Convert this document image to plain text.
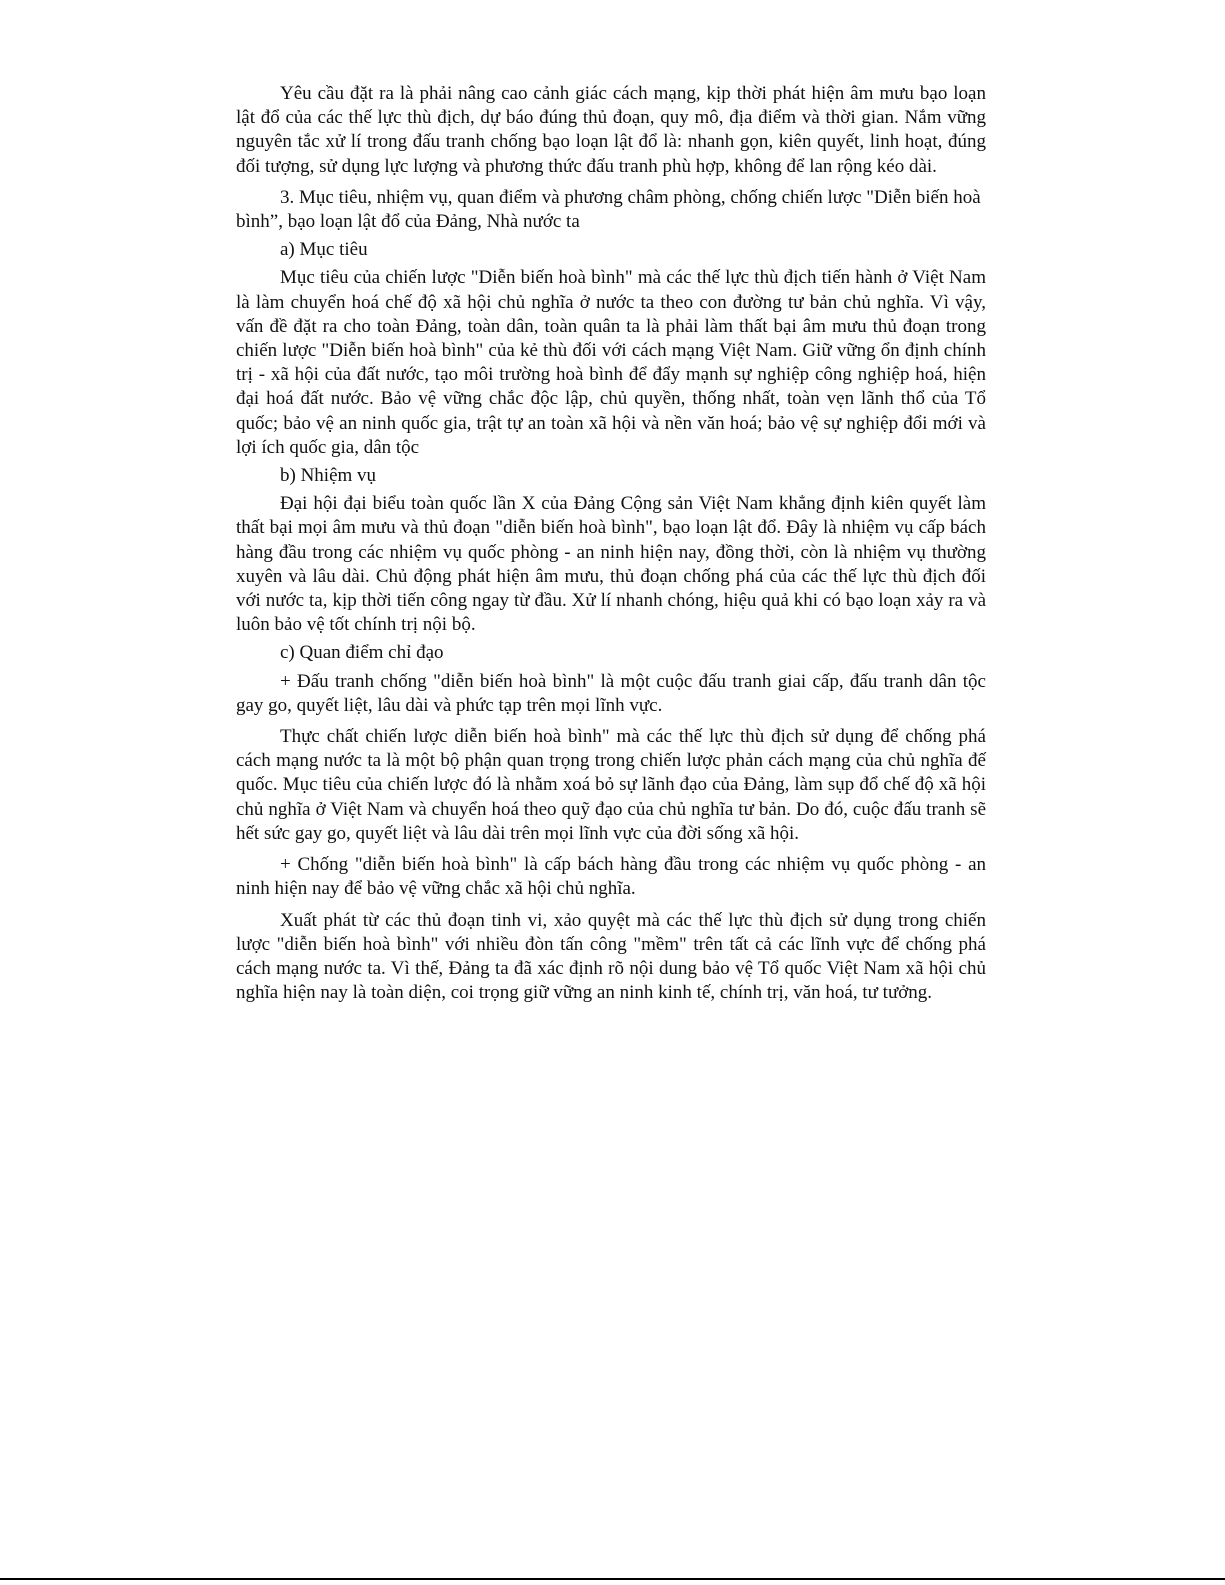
Yêu cầu đặt ra là phải nâng cao cảnh giác cách mạng, kịp thời phát hiện âm mưu bạo loạn lật đổ của các thế lực thù địch, dự báo đúng thủ đoạn, quy mô, địa điểm và thời gian. Nắm vững nguyên tắc xử lí trong đấu tranh chống bạo loạn lật đổ là: nhanh gọn, kiên quyết, linh hoạt, đúng đối tượng, sử dụng lực lượng và phương thức đấu tranh phù hợp, không để lan rộng kéo dài.

3. Mục tiêu, nhiệm vụ, quan điểm và phương châm phòng, chống chiến lược "Diễn biến hoà bình”, bạo loạn lật đổ của Đảng, Nhà nước ta

a) Mục tiêu

Mục tiêu của chiến lược "Diễn biến hoà bình" mà các thế lực thù địch tiến hành ở Việt Nam là làm chuyển hoá chế độ xã hội chủ nghĩa ở nước ta theo con đường tư bản chủ nghĩa. Vì vậy, vấn đề đặt ra cho toàn Đảng, toàn dân, toàn quân ta là phải làm thất bại âm mưu thủ đoạn trong chiến lược "Diễn biến hoà bình" của kẻ thù đối với cách mạng Việt Nam. Giữ vững ổn định chính trị - xã hội của đất nước, tạo môi trường hoà bình để đẩy mạnh sự nghiệp công nghiệp hoá, hiện đại hoá đất nước. Bảo vệ vững chắc độc lập, chủ quyền, thống nhất, toàn vẹn lãnh thổ của Tổ quốc; bảo vệ an ninh quốc gia, trật tự an toàn xã hội và nền văn hoá; bảo vệ sự nghiệp đổi mới và lợi ích quốc gia, dân tộc

b) Nhiệm vụ

Đại hội đại biểu toàn quốc lần X của Đảng Cộng sản Việt Nam khẳng định kiên quyết làm thất bại mọi âm mưu và thủ đoạn "diễn biến hoà bình", bạo loạn lật đổ. Đây là nhiệm vụ cấp bách hàng đầu trong các nhiệm vụ quốc phòng - an ninh hiện nay, đồng thời, còn là nhiệm vụ thường xuyên và lâu dài. Chủ động phát hiện âm mưu, thủ đoạn chống phá của các thế lực thù địch đối với nước ta, kịp thời tiến công ngay từ đầu. Xử lí nhanh chóng, hiệu quả khi có bạo loạn xảy ra và luôn bảo vệ tốt chính trị nội bộ.

c) Quan điểm chỉ đạo

+ Đấu tranh chống "diễn biến hoà bình" là một cuộc đấu tranh giai cấp, đấu tranh dân tộc gay go, quyết liệt, lâu dài và phức tạp trên mọi lĩnh vực.

Thực chất chiến lược diễn biến hoà bình" mà các thế lực thù địch sử dụng để chống phá cách mạng nước ta là một bộ phận quan trọng trong chiến lược phản cách mạng của chủ nghĩa đế quốc. Mục tiêu của chiến lược đó là nhằm xoá bỏ sự lãnh đạo của Đảng, làm sụp đổ chế độ xã hội chủ nghĩa ở Việt Nam và chuyển hoá theo quỹ đạo của chủ nghĩa tư bản. Do đó, cuộc đấu tranh sẽ hết sức gay go, quyết liệt và lâu dài trên mọi lĩnh vực của đời sống xã hội.

+ Chống "diễn biến hoà bình" là cấp bách hàng đầu trong các nhiệm vụ quốc phòng - an ninh hiện nay để bảo vệ vững chắc xã hội chủ nghĩa.

Xuất phát từ các thủ đoạn tinh vi, xảo quyệt mà các thế lực thù địch sử dụng trong chiến lược "diễn biến hoà bình" với nhiều đòn tấn công "mềm" trên tất cả các lĩnh vực để chống phá cách mạng nước ta. Vì thế, Đảng ta đã xác định rõ nội dung bảo vệ Tổ quốc Việt Nam xã hội chủ nghĩa hiện nay là toàn diện, coi trọng giữ vững an ninh kinh tế, chính trị, văn hoá, tư tưởng.
